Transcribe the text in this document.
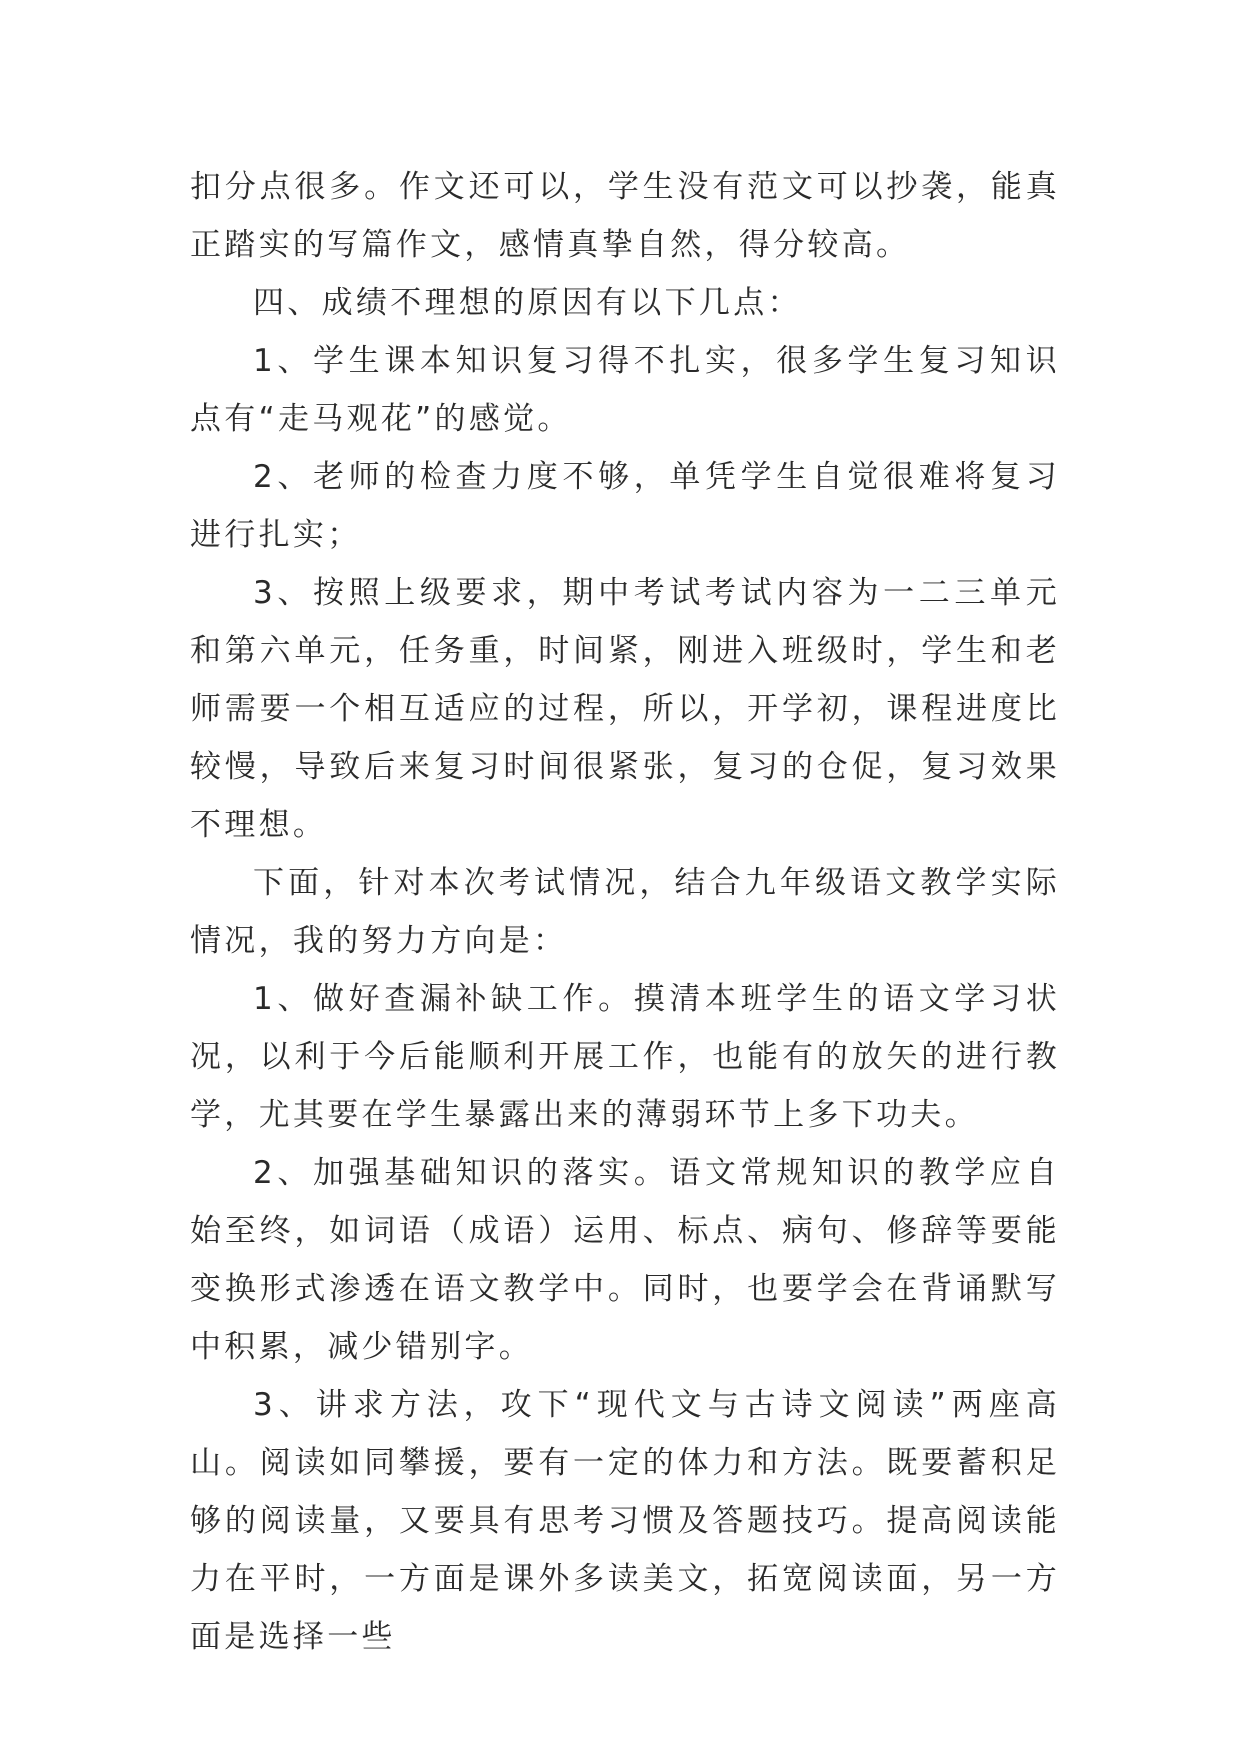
扣分点很多。作文还可以，学生没有范文可以抄袭，能真正踏实的写篇作文，感情真挚自然，得分较高。

四、成绩不理想的原因有以下几点：

1、学生课本知识复习得不扎实，很多学生复习知识点有“走马观花”的感觉。

2、老师的检查力度不够，单凭学生自觉很难将复习进行扎实；

3、按照上级要求，期中考试考试内容为一二三单元和第六单元，任务重，时间紧，刚进入班级时，学生和老师需要一个相互适应的过程，所以，开学初，课程进度比较慢，导致后来复习时间很紧张，复习的仓促，复习效果不理想。

下面，针对本次考试情况，结合九年级语文教学实际情况，我的努力方向是：

1、做好查漏补缺工作。摸清本班学生的语文学习状况，以利于今后能顺利开展工作，也能有的放矢的进行教学，尤其要在学生暴露出来的薄弱环节上多下功夫。

2、加强基础知识的落实。语文常规知识的教学应自始至终，如词语（成语）运用、标点、病句、修辞等要能变换形式渗透在语文教学中。同时，也要学会在背诵默写中积累，减少错别字。

3、讲求方法，攻下“现代文与古诗文阅读”两座高山。阅读如同攀援，要有一定的体力和方法。既要蓄积足够的阅读量，又要具有思考习惯及答题技巧。提高阅读能力在平时，一方面是课外多读美文，拓宽阅读面，另一方面是选择一些
